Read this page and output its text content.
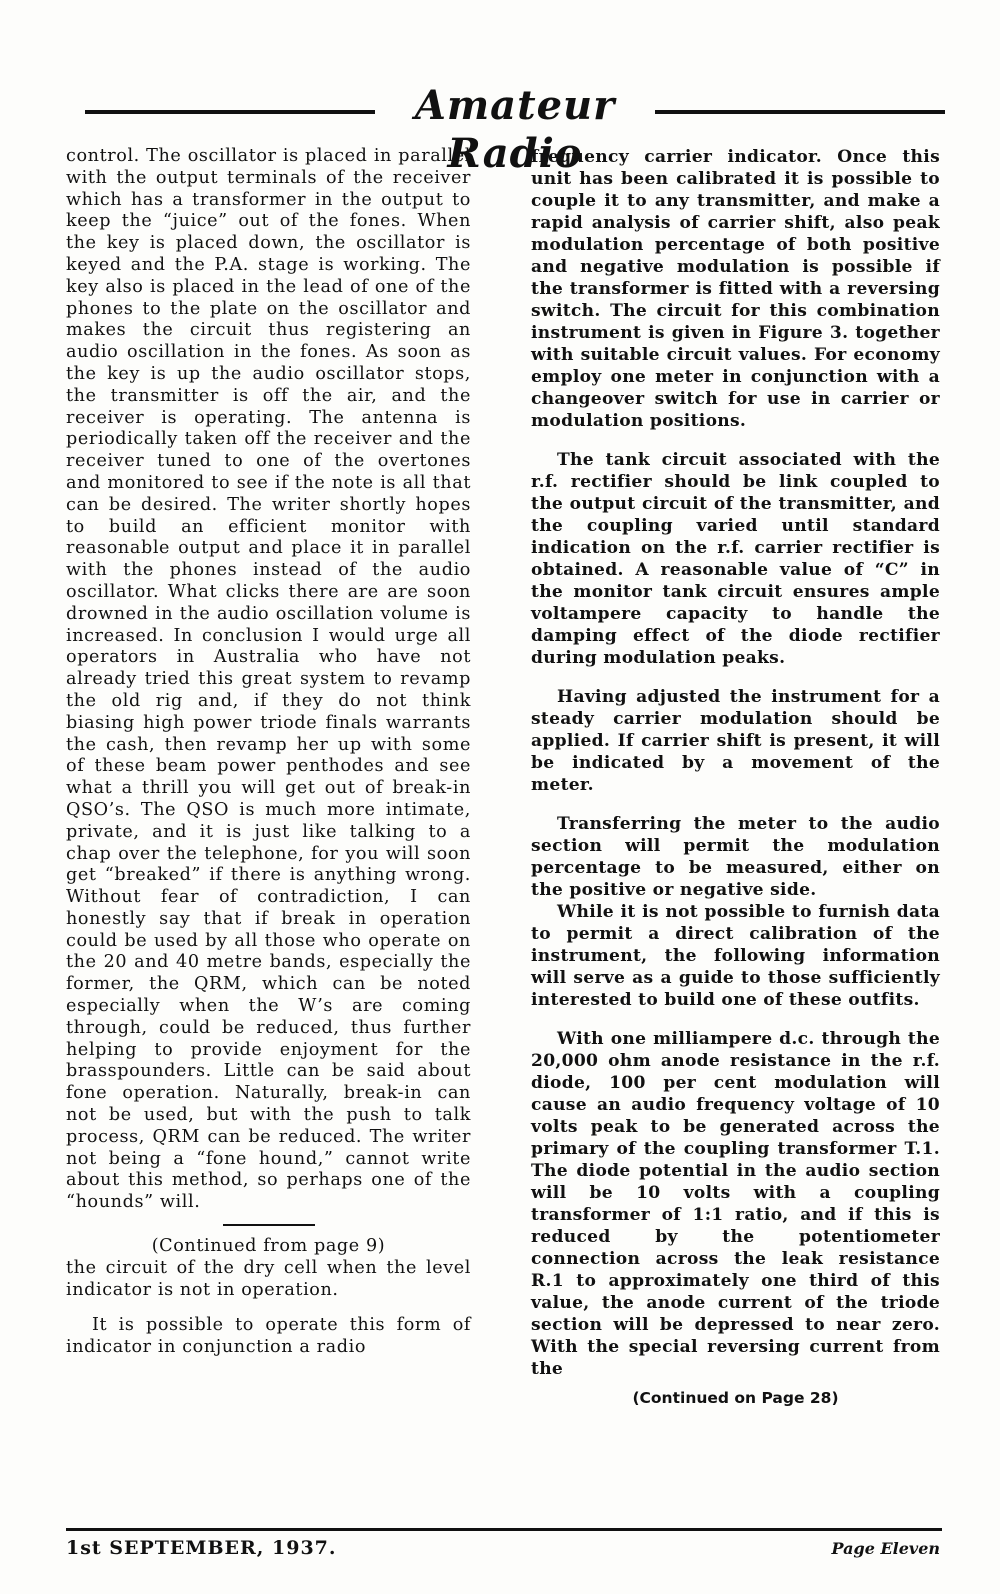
Amateur Radio

control. The oscillator is placed in parallel with the output terminals of the receiver which has a transformer in the output to keep the “juice” out of the fones. When the key is placed down, the oscillator is keyed and the P.A. stage is working. The key also is placed in the lead of one of the phones to the plate on the oscillator and makes the circuit thus registering an audio oscillation in the fones. As soon as the key is up the audio oscillator stops, the transmitter is off the air, and the receiver is operating. The antenna is periodically taken off the receiver and the receiver tuned to one of the overtones and monitored to see if the note is all that can be desired. The writer shortly hopes to build an efficient monitor with reasonable output and place it in parallel with the phones instead of the audio oscillator. What clicks there are are soon drowned in the audio oscillation volume is increased. In conclusion I would urge all operators in Australia who have not already tried this great system to revamp the old rig and, if they do not think biasing high power triode finals warrants the cash, then revamp her up with some of these beam power penthodes and see what a thrill you will get out of break-in QSO’s. The QSO is much more intimate, private, and it is just like talking to a chap over the telephone, for you will soon get “breaked” if there is anything wrong. Without fear of contradiction, I can honestly say that if break in operation could be used by all those who operate on the 20 and 40 metre bands, especially the former, the QRM, which can be noted especially when the W’s are coming through, could be reduced, thus further helping to provide enjoyment for the brasspounders. Little can be said about fone operation. Naturally, break-in can not be used, but with the push to talk process, QRM can be reduced. The writer not being a “fone hound,” cannot write about this method, so perhaps one of the “hounds” will.

(Continued from page 9)

the circuit of the dry cell when the level indicator is not in operation.

It is possible to operate this form of indicator in conjunction a radio

frequency carrier indicator. Once this unit has been calibrated it is possible to couple it to any transmitter, and make a rapid analysis of carrier shift, also peak modulation percentage of both positive and negative modulation is possible if the transformer is fitted with a reversing switch. The circuit for this combination instrument is given in Figure 3. together with suitable circuit values. For economy employ one meter in conjunction with a changeover switch for use in carrier or modulation positions.

The tank circuit associated with the r.f. rectifier should be link coupled to the output circuit of the transmitter, and the coupling varied until standard indication on the r.f. carrier rectifier is obtained. A reasonable value of “C” in the monitor tank circuit ensures ample voltampere capacity to handle the damping effect of the diode rectifier during modulation peaks.

Having adjusted the instrument for a steady carrier modulation should be applied. If carrier shift is present, it will be indicated by a movement of the meter.

Transferring the meter to the audio section will permit the modulation percentage to be measured, either on the positive or negative side.

While it is not possible to furnish data to permit a direct calibration of the instrument, the following information will serve as a guide to those sufficiently interested to build one of these outfits.

With one milliampere d.c. through the 20,000 ohm anode resistance in the r.f. diode, 100 per cent modulation will cause an audio frequency voltage of 10 volts peak to be generated across the primary of the coupling transformer T.1. The diode potential in the audio section will be 10 volts with a coupling transformer of 1:1 ratio, and if this is reduced by the potentiometer connection across the leak resistance R.1 to approximately one third of this value, the anode current of the triode section will be depressed to near zero. With the special reversing current from the

(Continued on Page 28)
1st SEPTEMBER, 1937.	Page Eleven
